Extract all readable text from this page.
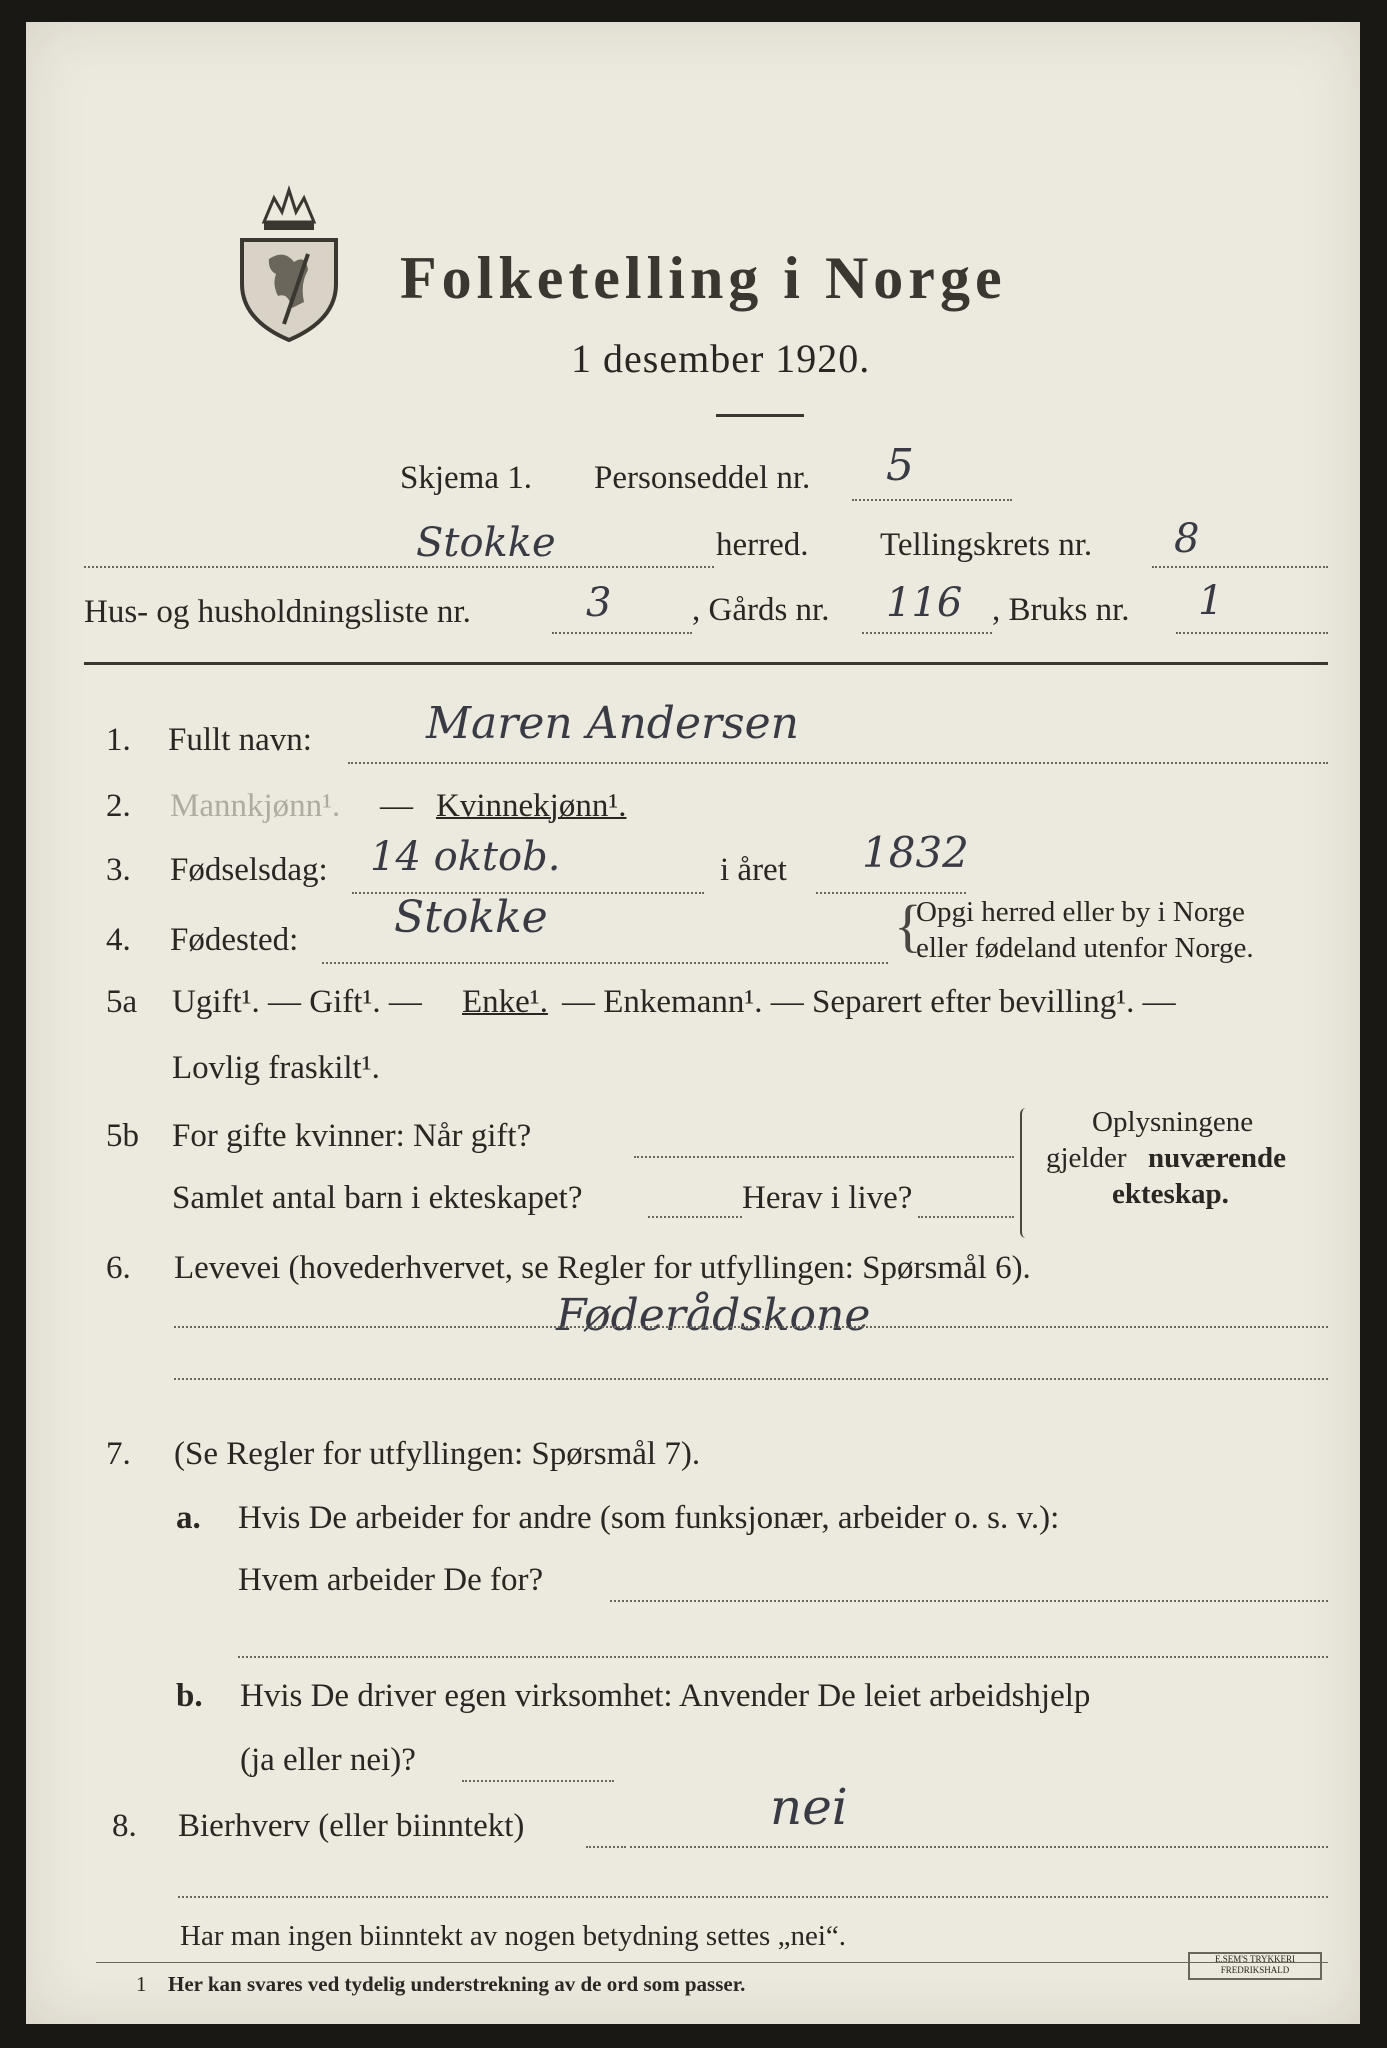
Folketelling i Norge
1 desember 1920.
Skjema 1. Personseddel nr. 5
Stokke	herred. Tellingskrets nr. 8
Hus- og husholdningsliste nr.	3 , Gårds nr. 116 , Bruks nr. 1
1. Fullt navn:	Maren Andersen
2. Mannkjønn¹. — Kvinnekjønn¹.
3. Fødselsdag: 14 oktob.	i året 1832
4. Fødested: Stokke	{
Opgi herred eller by i Norge
eller fødeland utenfor Norge.
5a Ugift¹. — Gift¹. — Enke¹. — Enkemann¹. — Separert efter bevilling¹. —
Lovlig fraskilt¹.
5b For gifte kvinner: Når gift?
Samlet antal barn i ekteskapet?	Herav i live?
Oplysningene
gjelder nuværende
ekteskap.
6. Levevei (hovederhvervet, se Regler for utfyllingen: Spørsmål 6).
Føderådskone
7. (Se Regler for utfyllingen: Spørsmål 7).
a. Hvis De arbeider for andre (som funksjonær, arbeider o. s. v.):
Hvem arbeider De for?
b. Hvis De driver egen virksomhet: Anvender De leiet arbeidshjelp
(ja eller nei)?
8. Bierhverv (eller biinntekt)	nei
Har man ingen biinntekt av nogen betydning settes „nei“.
1 Her kan svares ved tydelig understrekning av de ord som passer.
E.SEM'S TRYKKERI
FREDRIKSHALD
